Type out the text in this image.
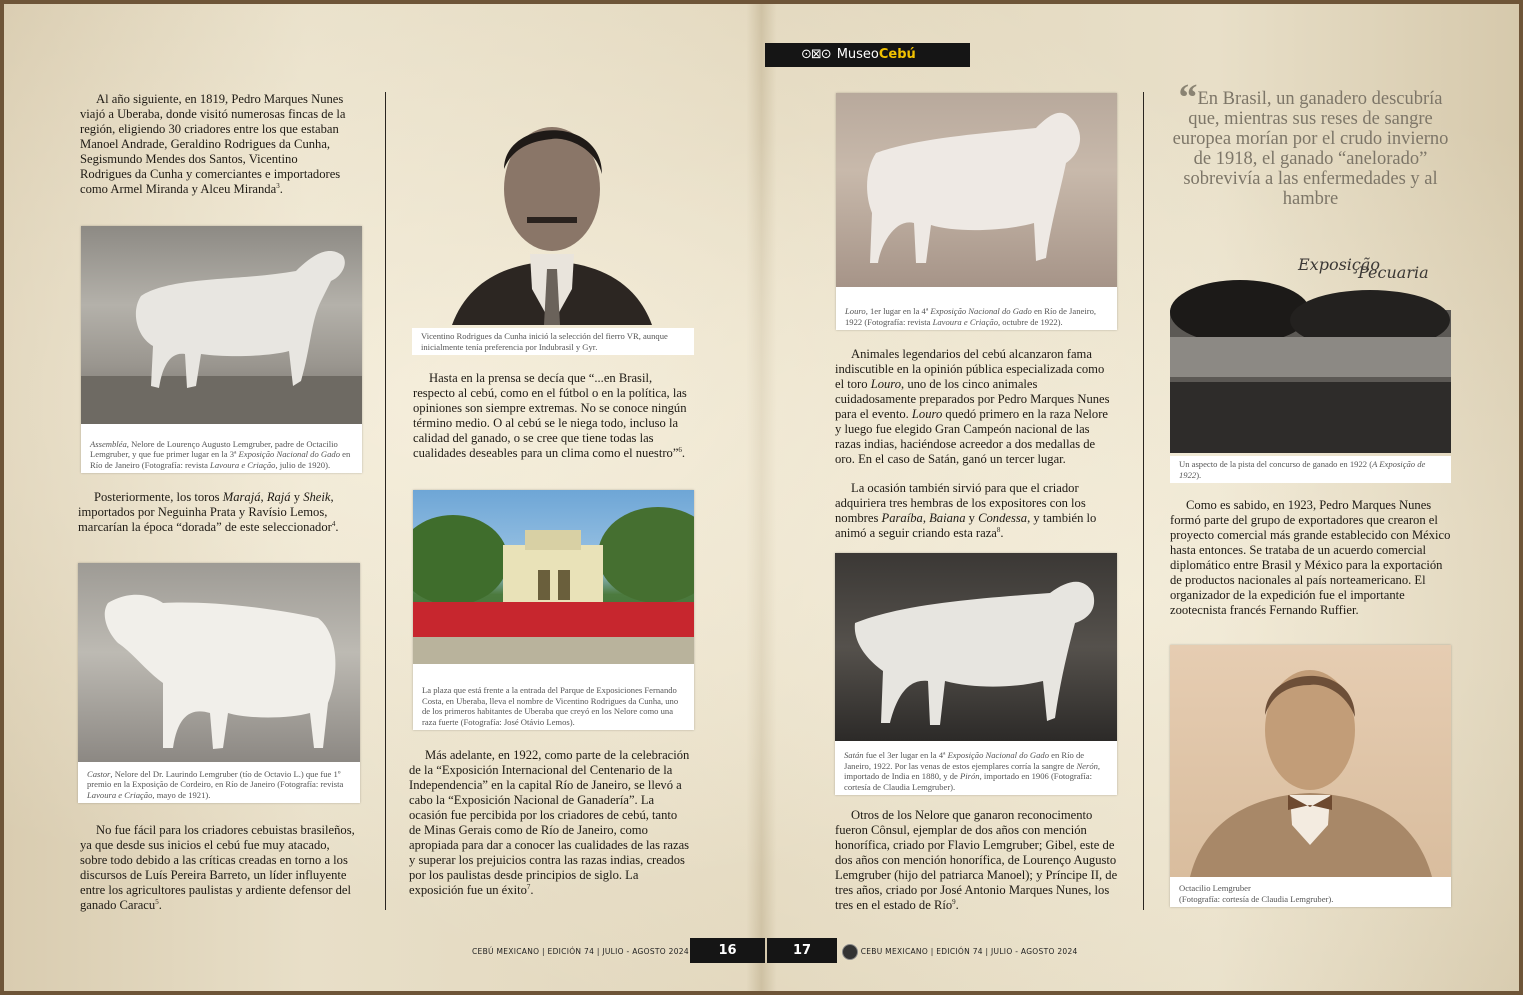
⊙⊠⊙ MuseoCebú

Al año siguiente, en 1819, Pedro Marques Nunes viajó a Uberaba, donde visitó numerosas fincas de la región, eligiendo 30 criadores entre los que estaban Manoel Andrade, Geraldino Rodrigues da Cunha, Segismundo Mendes dos Santos, Vicentino Rodrigues da Cunha y comerciantes e importadores como Armel Miranda y Alceu Miranda$^3$.

Assembléa, Nelore de Lourenço Augusto Lemgruber, padre de Octacilio Lemgruber, y que fue primer lugar en la 3ª Exposição Nacional do Gado en Río de Janeiro (Fotografía: revista Lavoura e Criação, julio de 1920).

Posteriormente, los toros Marajá, Rajá y Sheik, importados por Neguinha Prata y Ravísio Lemos, marcarían la época “dorada” de este seleccionador$^4$.

Castor, Nelore del Dr. Laurindo Lemgruber (tío de Octavio L.) que fue 1º premio en la Exposição de Cordeiro, en Río de Janeiro (Fotografía: revista Lavoura e Criação, mayo de 1921).

No fue fácil para los criadores cebuistas brasileños, ya que desde sus inicios el cebú fue muy atacado, sobre todo debido a las críticas creadas en torno a los discursos de Luís Pereira Barreto, un líder influyente entre los agricultores paulistas y ardiente defensor del ganado Caracu$^5$.

Vicentino Rodrigues da Cunha inició la selección del fierro VR, aunque inicialmente tenía preferencia por Indubrasil y Gyr.

Hasta en la prensa se decía que “...en Brasil, respecto al cebú, como en el fútbol o en la política, las opiniones son siempre extremas. No se conoce ningún término medio. O al cebú se le niega todo, incluso la calidad del ganado, o se cree que tiene todas las cualidades deseables para un clima como el nuestro”$^6$.

La plaza que está frente a la entrada del Parque de Exposiciones Fernando Costa, en Uberaba, lleva el nombre de Vicentino Rodrigues da Cunha, uno de los primeros habitantes de Uberaba que creyó en los Nelore como una raza fuerte (Fotografía: José Otávio Lemos).

Más adelante, en 1922, como parte de la celebración de la “Exposición Internacional del Centenario de la Independencia” en la capital Río de Janeiro, se llevó a cabo la “Exposición Nacional de Ganadería”. La ocasión fue percibida por los criadores de cebú, tanto de Minas Gerais como de Río de Janeiro, como apropiada para dar a conocer las cualidades de las razas y superar los prejuicios contra las razas indias, creados por los paulistas desde principios de siglo. La exposición fue un éxito$^7$.

Louro, 1er lugar en la 4ª Exposição Nacional do Gado en Río de Janeiro, 1922 (Fotografía: revista Lavoura e Criação, octubre de 1922).

Animales legendarios del cebú alcanzaron fama indiscutible en la opinión pública especializada como el toro Louro, uno de los cinco animales cuidadosamente preparados por Pedro Marques Nunes para el evento. Louro quedó primero en la raza Nelore y luego fue elegido Gran Campeón nacional de las razas indias, haciéndose acreedor a dos medallas de oro. En el caso de Satán, ganó un tercer lugar.

La ocasión también sirvió para que el criador adquiriera tres hembras de los expositores con los nombres Paraíba, Baiana y Condessa, y también lo animó a seguir criando esta raza$^8$.

Satán fue el 3er lugar en la 4ª Exposição Nacional do Gado en Río de Janeiro, 1922. Por las venas de estos ejemplares corría la sangre de Nerón, importado de India en 1880, y de Pirón, importado en 1906 (Fotografía: cortesía de Claudia Lemgruber).

Otros de los Nelore que ganaron reconocimento fueron Cônsul, ejemplar de dos años con mención honorífica, criado por Flavio Lemgruber; Gibel, este de dos años con mención honorífica, de Lourenço Augusto Lemgruber (hijo del patriarca Manoel); y Príncipe II, de tres años, criado por José Antonio Marques Nunes, los tres en el estado de Río$^9$.

“En Brasil, un ganadero descubría que, mientras sus reses de sangre europea morían por el crudo invierno de 1918, el ganado “anelorado” sobrevivía a las enfermedades y al hambre
Exposição
Pecuaria
Un aspecto de la pista del concurso de ganado en 1922 (A Exposição de 1922).

Como es sabido, en 1923, Pedro Marques Nunes formó parte del grupo de exportadores que crearon el proyecto comercial más grande establecido con México hasta entonces. Se trataba de un acuerdo comercial diplomático entre Brasil y México para la exportación de productos nacionales al país norteamericano. El organizador de la expedición fue el importante zootecnista francés Fernando Ruffier.

Octacilio Lemgruber
(Fotografía: cortesía de Claudia Lemgruber).
CEBÚ MEXICANO | EDICIÓN 74 | JULIO - AGOSTO 2024	16	17	CEBU MEXICANO | EDICIÓN 74 | JULIO - AGOSTO 2024
